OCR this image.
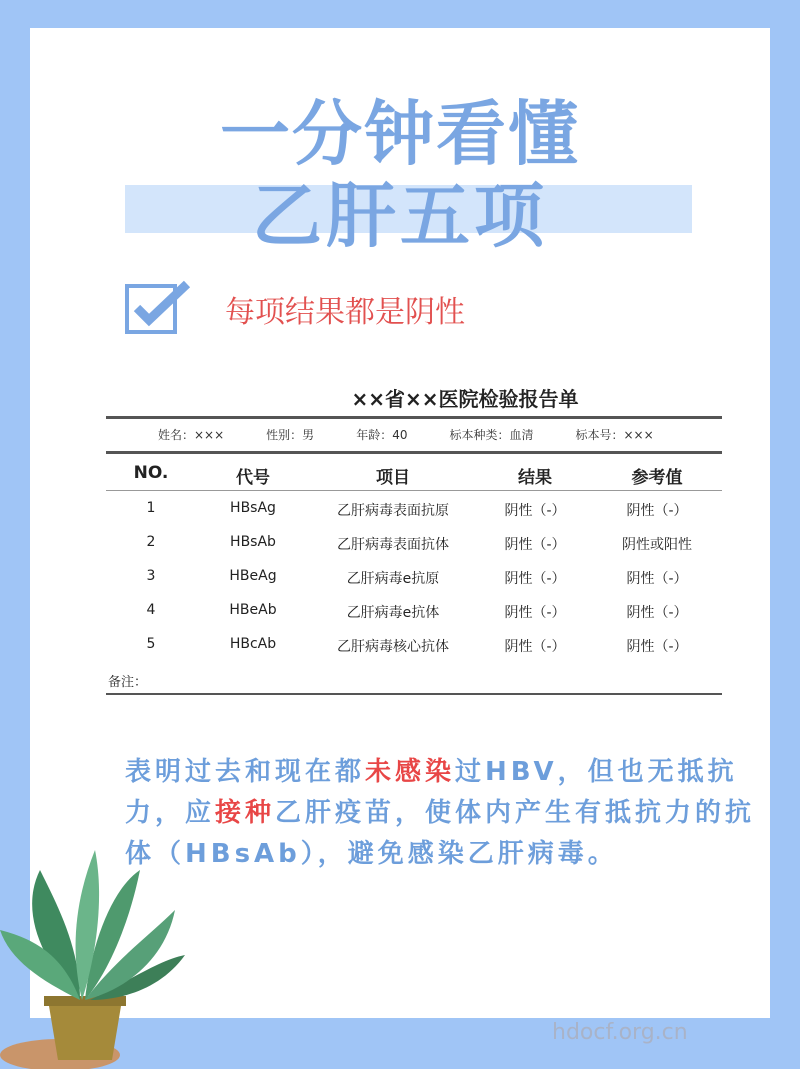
一分钟看懂
乙肝五项
每项结果都是阴性
××省××医院检验报告单
姓名：×××	性别：男	年龄：40	标本种类：血清	标本号：×××
NO.	代号	项目	结果	参考值
1	HBsAg	乙肝病毒表面抗原	阴性（-）	阴性（-）
2	HBsAb	乙肝病毒表面抗体	阴性（-）	阴性或阳性
3	HBeAg	乙肝病毒e抗原	阴性（-）	阴性（-）
4	HBeAb	乙肝病毒e抗体	阴性（-）	阴性（-）
5	HBcAb	乙肝病毒核心抗体	阴性（-）	阴性（-）
备注：
表明过去和现在都未感染过HBV，但也无抵抗力，应接种乙肝疫苗，使体内产生有抵抗力的抗体（HBsAb），避免感染乙肝病毒。
hdocf.org.cn
